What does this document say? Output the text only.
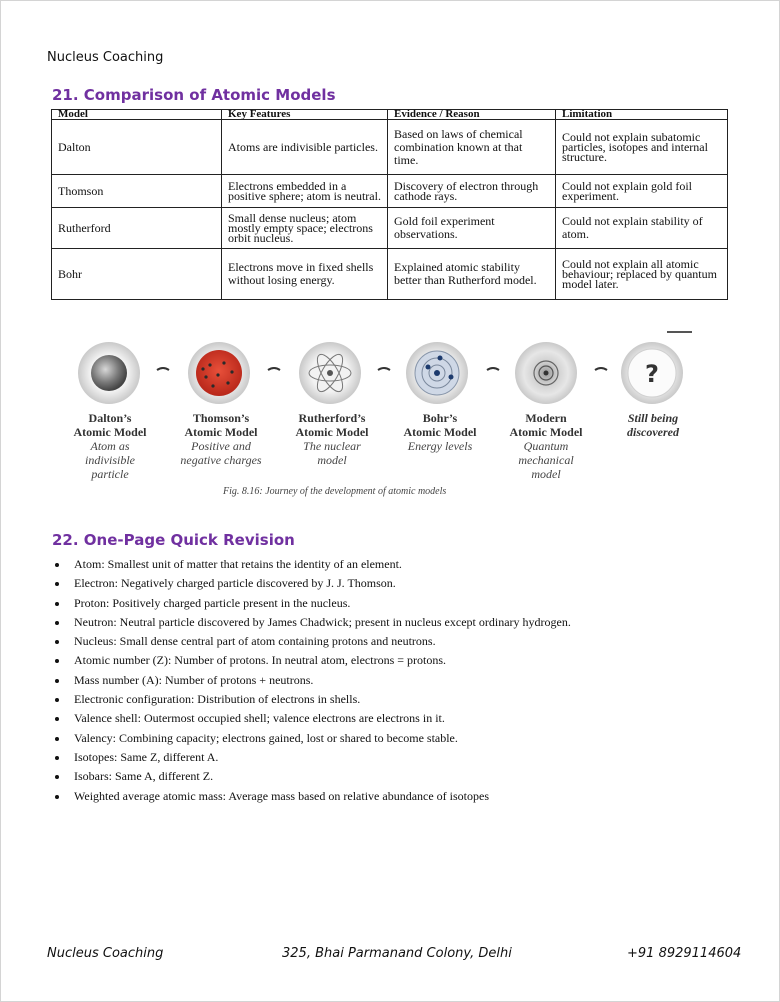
Nucleus Coaching
21. Comparison of Atomic Models
Model	Key Features	Evidence / Reason	Limitation
Dalton	Atoms are indivisible particles.	Based on laws of chemical combination known at that time.	Could not explain subatomic particles, isotopes and internal structure.
Thomson	Electrons embedded in a positive sphere; atom is neutral.	Discovery of electron through cathode rays.	Could not explain gold foil experiment.
Rutherford	Small dense nucleus; atom mostly empty space; electrons orbit nucleus.	Gold foil experiment observations.	Could not explain stability of atom.
Bohr	Electrons move in fixed shells without losing energy.	Explained atomic stability better than Rutherford model.	Could not explain all atomic behaviour; replaced by quantum model later.
?
Dalton’s
Atomic Model
Atom as
indivisible
particle
Thomson’s
Atomic Model
Positive and
negative charges
Rutherford’s
Atomic Model
The nuclear
model
Bohr’s
Atomic Model
Energy levels
Modern
Atomic Model
Quantum
mechanical
model
Still being
discovered
Fig. 8.16: Journey of the development of atomic models
22. One-Page Quick Revision
Atom: Smallest unit of matter that retains the identity of an element.
Electron: Negatively charged particle discovered by J. J. Thomson.
Proton: Positively charged particle present in the nucleus.
Neutron: Neutral particle discovered by James Chadwick; present in nucleus except ordinary hydrogen.
Nucleus: Small dense central part of atom containing protons and neutrons.
Atomic number (Z): Number of protons. In neutral atom, electrons = protons.
Mass number (A): Number of protons + neutrons.
Electronic configuration: Distribution of electrons in shells.
Valence shell: Outermost occupied shell; valence electrons are electrons in it.
Valency: Combining capacity; electrons gained, lost or shared to become stable.
Isotopes: Same Z, different A.
Isobars: Same A, different Z.
Weighted average atomic mass: Average mass based on relative abundance of isotopes
Nucleus Coaching	325, Bhai Parmanand Colony, Delhi	+91 8929114604
